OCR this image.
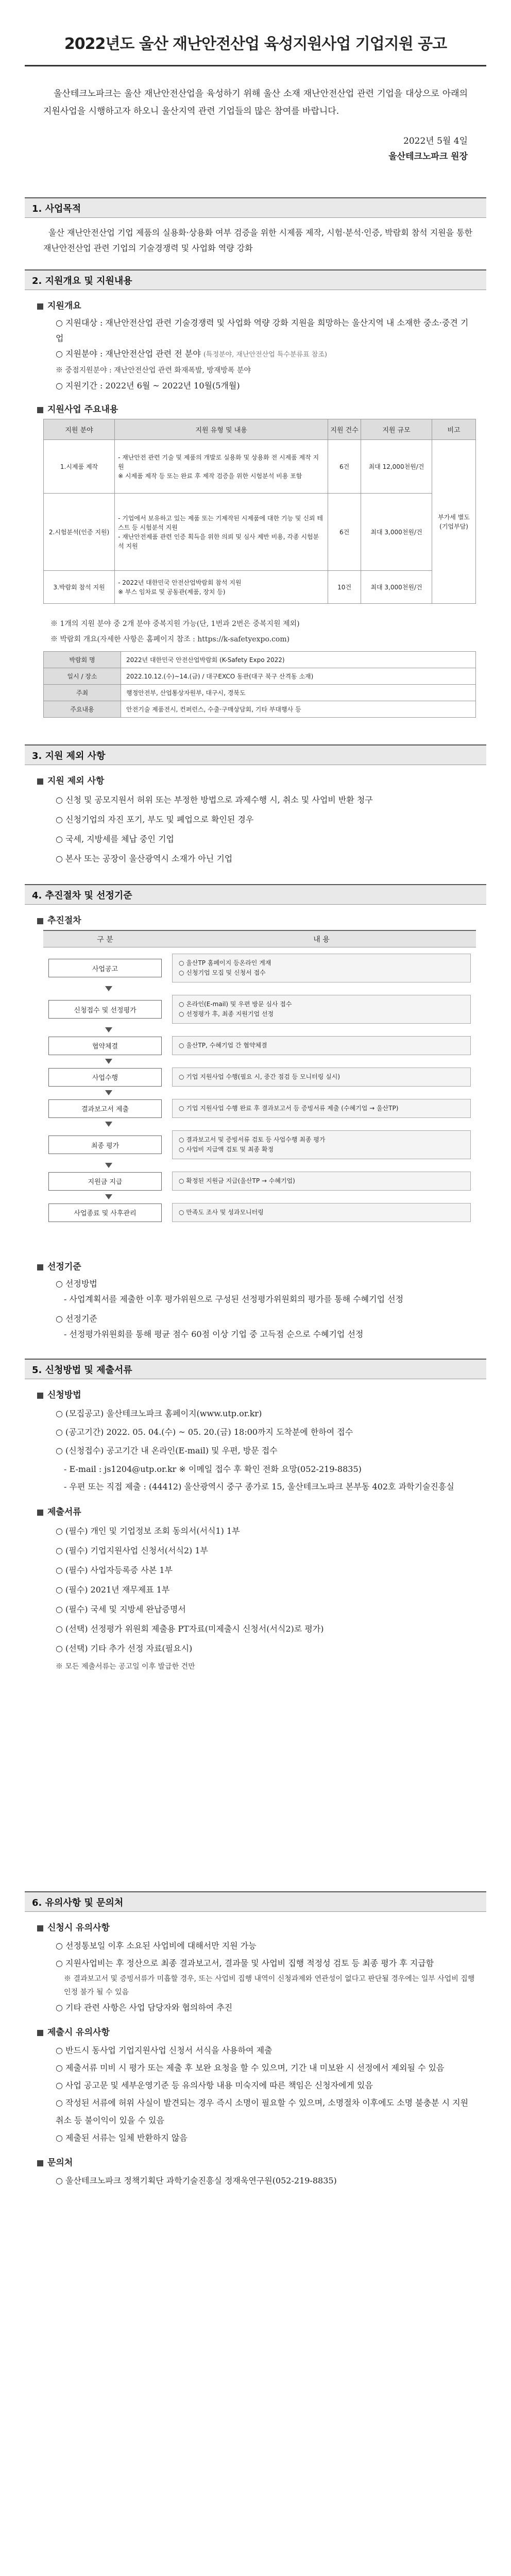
2022년도 울산 재난안전산업 육성지원사업 기업지원 공고
울산테크노파크는 울산 재난안전산업을 육성하기 위해 울산 소재 재난안전산업 관련 기업을 대상으로 아래의 지원사업을 시행하고자 하오니 울산지역 관련 기업들의 많은 참여를 바랍니다.
2022년 5월 4일
울산테크노파크 원장
1. 사업목적
울산 재난안전산업 기업 제품의 실용화·상용화 여부 검증을 위한 시제품 제작, 시험·분석·인증, 박람회 참석 지원을 통한 재난안전산업 관련 기업의 기술경쟁력 및 사업화 역량 강화
2. 지원개요 및 지원내용
지원개요
○ 지원대상 : 재난안전산업 관련 기술경쟁력 및 사업화 역량 강화 지원을 희망하는 울산지역 내 소재한 중소·중견 기업
○ 지원분야 : 재난안전산업 관련 전 분야 (특정분야, 재난안전산업 특수분류표 참조)
※ 중점지원분야 : 재난안전산업 관련 화재폭발, 방재방폭 분야
○ 지원기간 : 2022년 6월 ~ 2022년 10월(5개월)
지원사업 주요내용
지원 분야	지원 유형 및 내용	지원 건수	지원 규모	비고
1.시제품 제작	- 재난안전 관련 기술 및 제품의 개발로 실용화 및 상용화 전 시제품 제작 지원
※ 시제품 제작 등 또는 완료 후 제작 검증을 위한 시험분석 비용 포함	6건	최대 12,000천원/건	부가세 별도 (기업부담)
2.시험분석(인증 지원)	- 기업에서 보유하고 있는 제품 또는 기제작된 시제품에 대한 기능 및 신뢰 테스트 등 시험분석 지원
- 재난안전제품 관련 인증 획득을 위한 의뢰 및 심사 제반 비용, 각종 시험분석 지원	6건	최대 3,000천원/건	
3.박람회 참석 지원	- 2022년 대한민국 안전산업박람회 참석 지원
※ 부스 임차료 및 공동관(제품, 장치 등)	10건	최대 3,000천원/건	
※ 1개의 지원 분야 중 2개 분야 중복지원 가능(단, 1번과 2번은 중복지원 제외)
※ 박람회 개요(자세한 사항은 홈페이지 참조 : https://k-safetyexpo.com)
박람회 명	2022년 대한민국 안전산업박람회 (K-Safety Expo 2022)
일시 / 장소	2022.10.12.(수)~14.(금) / 대구EXCO 동관(대구 북구 산격동 소재)
주최	행정안전부, 산업통상자원부, 대구시, 경북도
주요내용	안전기술 제품전시, 컨퍼런스, 수출·구매상담회, 기타 부대행사 등
3. 지원 제외 사항
지원 제외 사항
○ 신청 및 공모지원서 허위 또는 부정한 방법으로 과제수행 시, 취소 및 사업비 반환 청구
○ 신청기업의 자진 포기, 부도 및 폐업으로 확인된 경우
○ 국세, 지방세를 체납 중인 기업
○ 본사 또는 공장이 울산광역시 소재가 아닌 기업
4. 추진절차 및 선정기준
추진절차
구 분	내 용
사업공고
○ 울산TP 홈페이지 등온라인 게재
○ 신청기업 모집 및 신청서 접수
신청접수 및 선정평가
○ 온라인(E-mail) 및 우편 방문 심사 접수
○ 선정평가 후, 최종 지원기업 선정
협약체결	○ 울산TP, 수혜기업 간 협약체결
사업수행	○ 기업 지원사업 수행(필요 시, 중간 점검 등 모니터링 실시)
결과보고서 제출	○ 기업 지원사업 수행 완료 후 결과보고서 등 증빙서류 제출 (수혜기업 → 울산TP)
최종 평가
○ 결과보고서 및 증빙서류 검토 등 사업수행 최종 평가
○ 사업비 지급액 검토 및 최종 확정
지원금 지급	○ 확정된 지원금 지급(울산TP → 수혜기업)
사업종료 및 사후관리	○ 만족도 조사 및 성과모니터링
선정기준
○ 선정방법
- 사업계획서를 제출한 이후 평가위원으로 구성된 선정평가위원회의 평가를 통해 수혜기업 선정
○ 선정기준
- 선정평가위원회를 통해 평균 점수 60점 이상 기업 중 고득점 순으로 수혜기업 선정
5. 신청방법 및 제출서류
신청방법
○ (모집공고) 울산테크노파크 홈페이지(www.utp.or.kr)
○ (공고기간) 2022. 05. 04.(수) ~ 05. 20.(금) 18:00까지 도착분에 한하여 접수
○ (신청접수) 공고기간 내 온라인(E-mail) 및 우편, 방문 접수
- E-mail : js1204@utp.or.kr ※ 이메일 접수 후 확인 전화 요망(052-219-8835)
- 우편 또는 직접 제출 : (44412) 울산광역시 중구 종가로 15, 울산테크노파크 본부동 402호 과학기술진흥실
제출서류
○ (필수) 개인 및 기업정보 조회 동의서(서식1) 1부
○ (필수) 기업지원사업 신청서(서식2) 1부
○ (필수) 사업자등록증 사본 1부
○ (필수) 2021년 재무제표 1부
○ (필수) 국세 및 지방세 완납증명서
○ (선택) 선정평가 위원회 제출용 PT자료(미제출시 신청서(서식2)로 평가)
○ (선택) 기타 추가 선정 자료(필요시)
※ 모든 제출서류는 공고일 이후 발급한 건만
6. 유의사항 및 문의처
신청시 유의사항
○ 선정통보일 이후 소요된 사업비에 대해서만 지원 가능
○ 지원사업비는 후 정산으로 최종 결과보고서, 결과물 및 사업비 집행 적정성 검토 등 최종 평가 후 지급함
※ 결과보고서 및 증빙서류가 미흡할 경우, 또는 사업비 집행 내역이 신청과제와 연관성이 없다고 판단될 경우에는 일부 사업비 집행 인정 불가 될 수 있음
○ 기타 관련 사항은 사업 담당자와 협의하여 추진
제출시 유의사항
○ 반드시 동사업 기업지원사업 신청서 서식을 사용하여 제출
○ 제출서류 미비 시 평가 또는 제출 후 보완 요청을 할 수 있으며, 기간 내 미보완 시 선정에서 제외될 수 있음
○ 사업 공고문 및 세부운영기준 등 유의사항 내용 미숙지에 따른 책임은 신청자에게 있음
○ 작성된 서류에 허위 사실이 발견되는 경우 즉시 소명이 필요할 수 있으며, 소명절차 이후에도 소명 불충분 시 지원 취소 등 불이익이 있을 수 있음
○ 제출된 서류는 일체 반환하지 않음
문의처
○ 울산테크노파크 정책기획단 과학기술진흥실 정재욱연구원(052-219-8835)
